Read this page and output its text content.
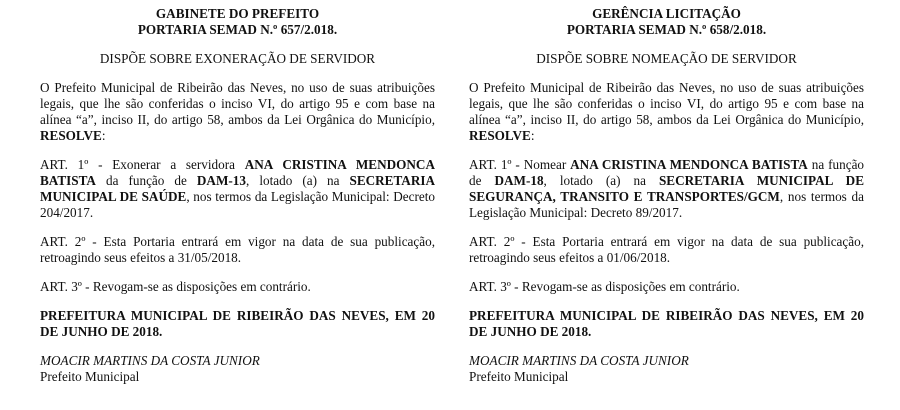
GABINETE DO PREFEITO
PORTARIA SEMAD N.º 657/2.018.
DISPÕE SOBRE EXONERAÇÃO DE SERVIDOR

O Prefeito Municipal de Ribeirão das Neves, no uso de suas atribuições legais, que lhe são conferidas o inciso VI, do artigo 95 e com base na alínea “a”, inciso II, do artigo 58, ambos da Lei Orgânica do Município, RESOLVE:

ART. 1º - Exonerar a servidora ANA CRISTINA MENDONCA BATISTA da função de DAM-13, lotado (a) na SECRETARIA MUNICIPAL DE SAÚDE, nos termos da Legislação Municipal: Decreto 204/2017.

ART. 2º - Esta Portaria entrará em vigor na data de sua publicação, retroagindo seus efeitos a 31/05/2018.

ART. 3º - Revogam-se as disposições em contrário.

PREFEITURA MUNICIPAL DE RIBEIRÃO DAS NEVES, EM 20 DE JUNHO DE 2018.

MOACIR MARTINS DA COSTA JUNIOR
Prefeito Municipal
GERÊNCIA LICITAÇÃO
PORTARIA SEMAD N.º 658/2.018.
DISPÕE SOBRE NOMEAÇÃO DE SERVIDOR

O Prefeito Municipal de Ribeirão das Neves, no uso de suas atribuições legais, que lhe são conferidas o inciso VI, do artigo 95 e com base na alínea “a”, inciso II, do artigo 58, ambos da Lei Orgânica do Município, RESOLVE:

ART. 1º - Nomear ANA CRISTINA MENDONCA BATISTA na função de DAM-18, lotado (a) na SECRETARIA MUNICIPAL DE SEGURANÇA, TRANSITO E TRANSPORTES/GCM, nos termos da Legislação Municipal: Decreto 89/2017.

ART. 2º - Esta Portaria entrará em vigor na data de sua publicação, retroagindo seus efeitos a 01/06/2018.

ART. 3º - Revogam-se as disposições em contrário.

PREFEITURA MUNICIPAL DE RIBEIRÃO DAS NEVES, EM 20 DE JUNHO DE 2018.

MOACIR MARTINS DA COSTA JUNIOR
Prefeito Municipal
